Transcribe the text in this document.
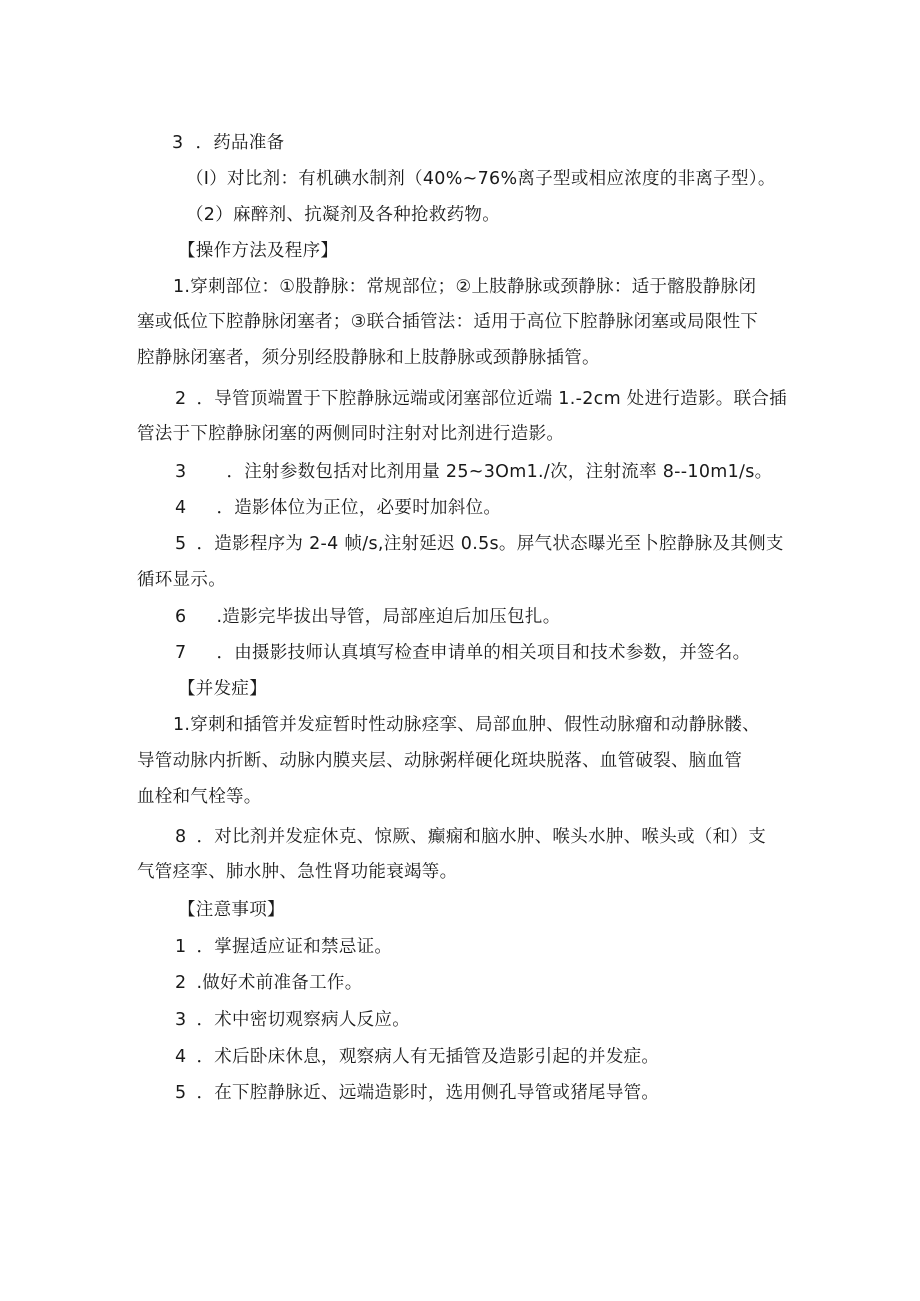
3 ．药品准备
（I）对比剂：有机碘水制剂（40%~76%离子型或相应浓度的非离子型）。
（2）麻醉剂、抗凝剂及各种抢救药物。
【操作方法及程序】
1.穿刺部位：①股静脉：常规部位；②上肢静脉或颈静脉：适于髂股静脉闭
塞或低位下腔静脉闭塞者；③联合插管法：适用于高位下腔静脉闭塞或局限性下
腔静脉闭塞者，须分别经股静脉和上肢静脉或颈静脉插管。
2 ．导管顶端置于下腔静脉远端或闭塞部位近端 1.-2cm 处进行造影。联合插
管法于下腔静脉闭塞的两侧同时注射对比剂进行造影。
3 ．注射参数包括对比剂用量 25~3Om1./次，注射流率 8--10m1∕s。
4 ．造影体位为正位，必要时加斜位。
5 ．造影程序为 2-4 帧/s,注射延迟 0.5s。屏气状态曝光至卜腔静脉及其侧支
循环显示。
6 .造影完毕拔出导管，局部座迫后加压包扎。
7 ．由摄影技师认真填写检查申请单的相关项目和技术参数，并签名。
【并发症】
1.穿刺和插管并发症暂时性动脉痉挛、局部血肿、假性动脉瘤和动静脉髅、
导管动脉内折断、动脉内膜夹层、动脉粥样硬化斑块脱落、血管破裂、脑血管
血栓和气栓等。
8 ．对比剂并发症休克、惊厥、癫痫和脑水肿、喉头水肿、喉头或（和）支
气管痉挛、肺水肿、急性肾功能衰竭等。
【注意事项】
1 ．掌握适应证和禁忌证。
2 .做好术前准备工作。
3 ．术中密切观察病人反应。
4 ．术后卧床休息，观察病人有无插管及造影引起的并发症。
5 ．在下腔静脉近、远端造影时，选用侧孔导管或猪尾导管。
